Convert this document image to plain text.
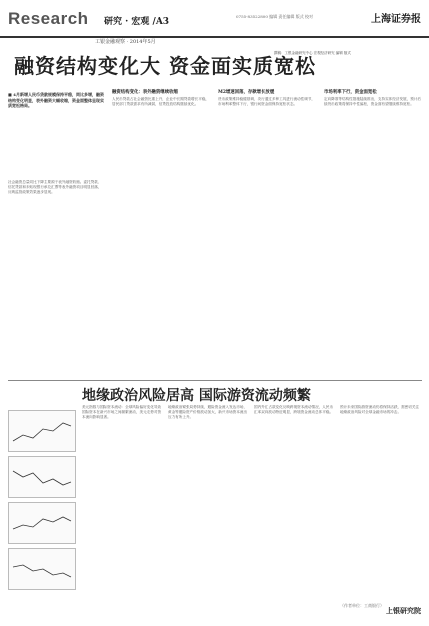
Research 研究 · 宏观 /A3
0755-83522800 编辑 责任编辑 版式 校对	上海证券报
工银金融观察 · 2014年5月
融资结构变化大 资金面实质宽松
撰稿：工银金融研究中心 宏观经济研究 编辑 版式
■ 4月新增人民币贷款规模保持平稳，同比多增，融资结构变化明显，表外融资大幅收缩，资金面整体呈现实质宽松格局。
社会融资总量同比下降主要源于表外融资收缩。委托贷款、信托贷款和未贴现银行承兑汇票等表外融资项目明显回落，反映监管政策效果逐步显现。
融资结构变化：表外融资继续收缩
人民币贷款占社会融资比重上升，企业中长期贷款增长平稳，居民部门贷款需求有所减弱，信贷投放结构继续优化。
M2增速回落，存款增长放缓
货币政策维持稳健基调，央行通过多种工具进行流动性调节，市场利率整体下行，银行间资金面保持宽松状态。
市场利率下行，资金面宽松
定向降准等结构性措施陆续推出，支持实体经济发展，预计后续货币政策将保持中性偏松，资金面有望继续维持宽松。
地缘政治风险居高 国际游资流动频繁
美元指数与国际资本流动：全球风险偏好变化导致国际资本在新兴市场之间频繁流动，美元走势对资本流向影响显著。
地缘政治紧张局势持续，避险资金流入发达市场，黄金等避险资产价格波动加大，新兴市场资本流出压力有所上升。
国内外汇占款变化反映跨境资本流动情况，人民币汇率双向波动特征明显，跨境资金流动总体平稳。
预计未来国际游资流动仍将保持活跃，需密切关注地缘政治风险对全球金融市场的冲击。
（作者单位：工商银行）
上银研究院
